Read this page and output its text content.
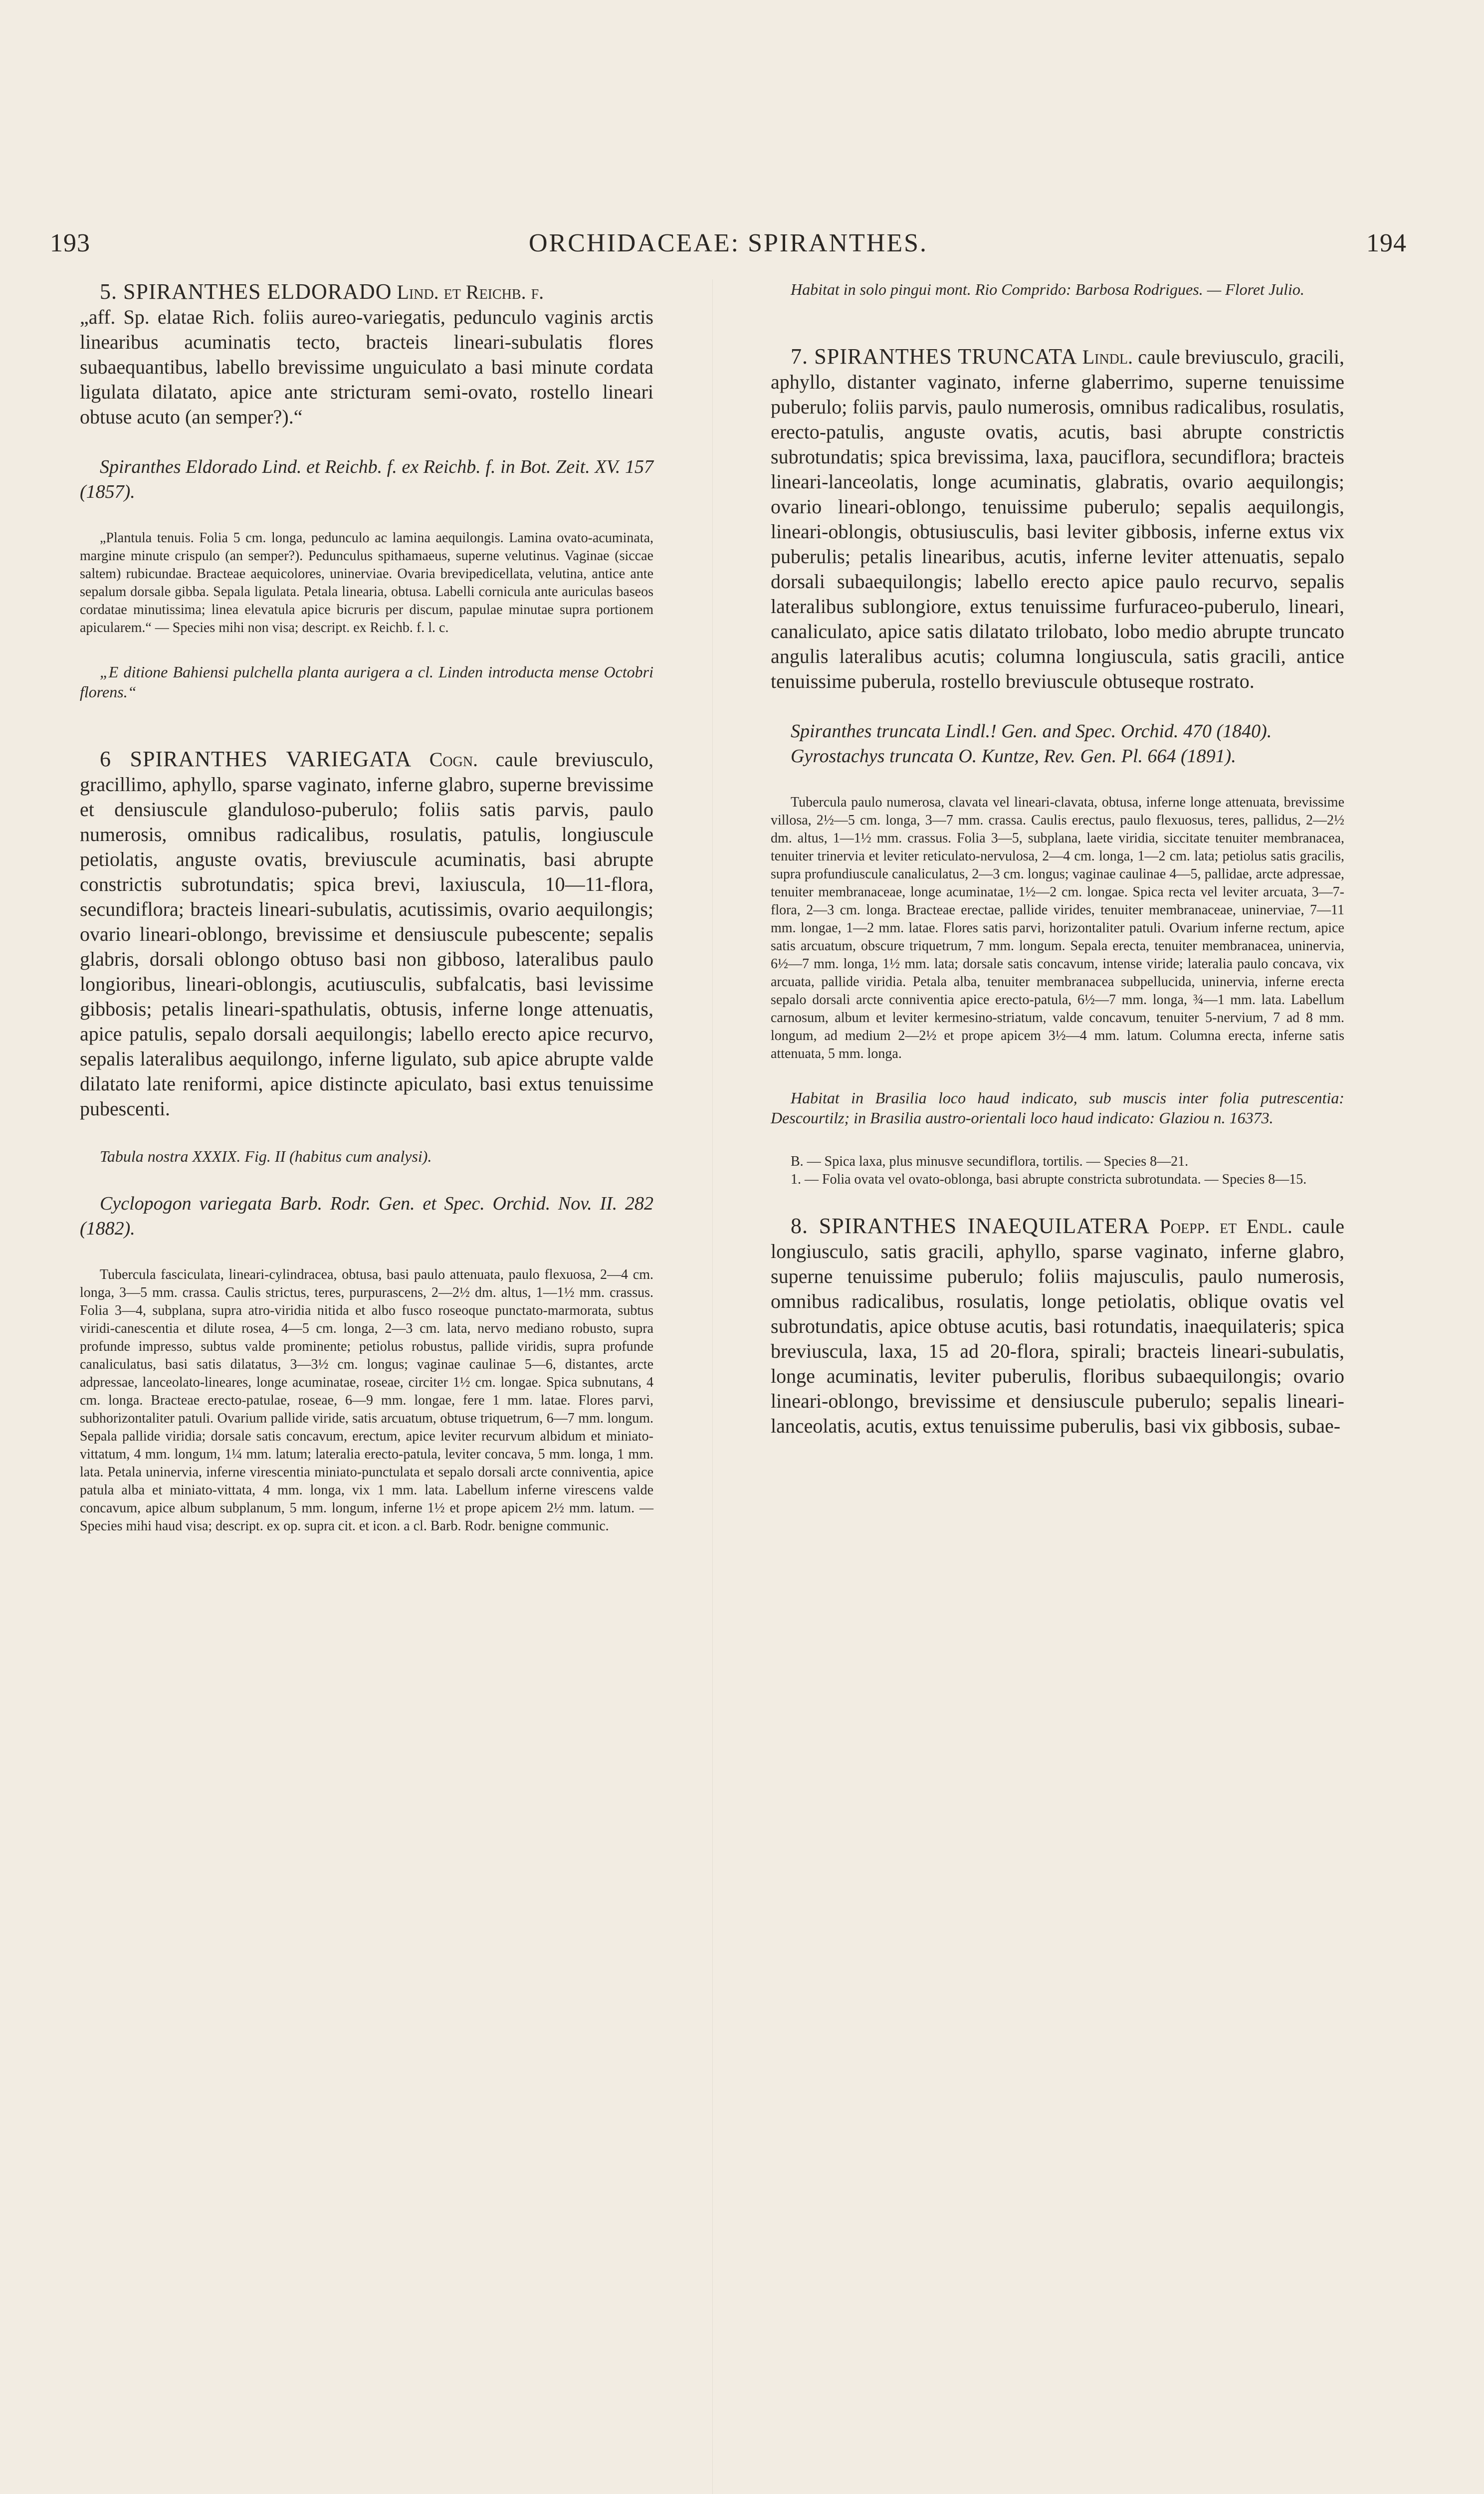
193	ORCHIDACEAE: SPIRANTHES.	194

5. SPIRANTHES ELDORADO Lind. et Reichb. f.

„aff. Sp. elatae Rich. foliis aureo-variegatis, pedunculo vaginis arctis linearibus acuminatis tecto, bracteis lineari-subulatis flores subaequantibus, labello brevissime unguiculato a basi minute cordata ligulata dilatato, apice ante stricturam semi-ovato, rostello lineari obtuse acuto (an semper?).“

Spiranthes Eldorado Lind. et Reichb. f. ex Reichb. f. in Bot. Zeit. XV. 157 (1857).

„Plantula tenuis. Folia 5 cm. longa, pedunculo ac lamina aequilongis. Lamina ovato-acuminata, margine minute crispulo (an semper?). Pedunculus spithamaeus, superne velutinus. Vaginae (siccae saltem) rubicundae. Bracteae aequicolores, uninerviae. Ovaria brevipedicellata, velutina, antice ante sepalum dorsale gibba. Sepala ligulata. Petala linearia, obtusa. Labelli cornicula ante auriculas baseos cordatae minutissima; linea elevatula apice bicruris per discum, papulae minutae supra portionem apicularem.“ — Species mihi non visa; descript. ex Reichb. f. l. c.

„E ditione Bahiensi pulchella planta aurigera a cl. Linden introducta mense Octobri florens.“

6 SPIRANTHES VARIEGATA Cogn. caule breviusculo, gracillimo, aphyllo, sparse vaginato, inferne glabro, superne brevissime et densiuscule glanduloso-puberulo; foliis satis parvis, paulo numerosis, omnibus radicalibus, rosulatis, patulis, longiuscule petiolatis, anguste ovatis, breviuscule acuminatis, basi abrupte constrictis subrotundatis; spica brevi, laxiuscula, 10—11-flora, secundiflora; bracteis lineari-subulatis, acutissimis, ovario aequilongis; ovario lineari-oblongo, brevissime et densiuscule pubescente; sepalis glabris, dorsali oblongo obtuso basi non gibboso, lateralibus paulo longioribus, lineari-oblongis, acutiusculis, subfalcatis, basi levissime gibbosis; petalis lineari-spathulatis, obtusis, inferne longe attenuatis, apice patulis, sepalo dorsali aequilongis; labello erecto apice recurvo, sepalis lateralibus aequilongo, inferne ligulato, sub apice abrupte valde dilatato late reniformi, apice distincte apiculato, basi extus tenuissime pubescenti.

Tabula nostra XXXIX. Fig. II (habitus cum analysi).

Cyclopogon variegata Barb. Rodr. Gen. et Spec. Orchid. Nov. II. 282 (1882).

Tubercula fasciculata, lineari-cylindracea, obtusa, basi paulo attenuata, paulo flexuosa, 2—4 cm. longa, 3—5 mm. crassa. Caulis strictus, teres, purpurascens, 2—2½ dm. altus, 1—1½ mm. crassus. Folia 3—4, subplana, supra atro-viridia nitida et albo fusco roseoque punctato-marmorata, subtus viridi-canescentia et dilute rosea, 4—5 cm. longa, 2—3 cm. lata, nervo mediano robusto, supra profunde impresso, subtus valde prominente; petiolus robustus, pallide viridis, supra profunde canaliculatus, basi satis dilatatus, 3—3½ cm. longus; vaginae caulinae 5—6, distantes, arcte adpressae, lanceolato-lineares, longe acuminatae, roseae, circiter 1½ cm. longae. Spica subnutans, 4 cm. longa. Bracteae erecto-patulae, roseae, 6—9 mm. longae, fere 1 mm. latae. Flores parvi, subhorizontaliter patuli. Ovarium pallide viride, satis arcuatum, obtuse triquetrum, 6—7 mm. longum. Sepala pallide viridia; dorsale satis concavum, erectum, apice leviter recurvum albidum et miniato-vittatum, 4 mm. longum, 1¼ mm. latum; lateralia erecto-patula, leviter concava, 5 mm. longa, 1 mm. lata. Petala uninervia, inferne virescentia miniato-punctulata et sepalo dorsali arcte conniventia, apice patula alba et miniato-vittata, 4 mm. longa, vix 1 mm. lata. Labellum inferne virescens valde concavum, apice album subplanum, 5 mm. longum, inferne 1½ et prope apicem 2½ mm. latum. — Species mihi haud visa; descript. ex op. supra cit. et icon. a cl. Barb. Rodr. benigne communic.

Habitat in solo pingui mont. Rio Comprido: Barbosa Rodrigues. — Floret Julio.

7. SPIRANTHES TRUNCATA Lindl. caule breviusculo, gracili, aphyllo, distanter vaginato, inferne glaberrimo, superne tenuissime puberulo; foliis parvis, paulo numerosis, omnibus radicalibus, rosulatis, erecto-patulis, anguste ovatis, acutis, basi abrupte constrictis subrotundatis; spica brevissima, laxa, pauciflora, secundiflora; bracteis lineari-lanceolatis, longe acuminatis, glabratis, ovario aequilongis; ovario lineari-oblongo, tenuissime puberulo; sepalis aequilongis, lineari-oblongis, obtusiusculis, basi leviter gibbosis, inferne extus vix puberulis; petalis linearibus, acutis, inferne leviter attenuatis, sepalo dorsali subaequilongis; labello erecto apice paulo recurvo, sepalis lateralibus sublongiore, extus tenuissime furfuraceo-puberulo, lineari, canaliculato, apice satis dilatato trilobato, lobo medio abrupte truncato angulis lateralibus acutis; columna longiuscula, satis gracili, antice tenuissime puberula, rostello breviuscule obtuseque rostrato.

Spiranthes truncata Lindl.! Gen. and Spec. Orchid. 470 (1840).

Gyrostachys truncata O. Kuntze, Rev. Gen. Pl. 664 (1891).

Tubercula paulo numerosa, clavata vel lineari-clavata, obtusa, inferne longe attenuata, brevissime villosa, 2½—5 cm. longa, 3—7 mm. crassa. Caulis erectus, paulo flexuosus, teres, pallidus, 2—2½ dm. altus, 1—1½ mm. crassus. Folia 3—5, subplana, laete viridia, siccitate tenuiter membranacea, tenuiter trinervia et leviter reticulato-nervulosa, 2—4 cm. longa, 1—2 cm. lata; petiolus satis gracilis, supra profundiuscule canaliculatus, 2—3 cm. longus; vaginae caulinae 4—5, pallidae, arcte adpressae, tenuiter membranaceae, longe acuminatae, 1½—2 cm. longae. Spica recta vel leviter arcuata, 3—7-flora, 2—3 cm. longa. Bracteae erectae, pallide virides, tenuiter membranaceae, uninerviae, 7—11 mm. longae, 1—2 mm. latae. Flores satis parvi, horizontaliter patuli. Ovarium inferne rectum, apice satis arcuatum, obscure triquetrum, 7 mm. longum. Sepala erecta, tenuiter membranacea, uninervia, 6½—7 mm. longa, 1½ mm. lata; dorsale satis concavum, intense viride; lateralia paulo concava, vix arcuata, pallide viridia. Petala alba, tenuiter membranacea subpellucida, uninervia, inferne erecta sepalo dorsali arcte conniventia apice erecto-patula, 6½—7 mm. longa, ¾—1 mm. lata. Labellum carnosum, album et leviter kermesino-striatum, valde concavum, tenuiter 5-nervium, 7 ad 8 mm. longum, ad medium 2—2½ et prope apicem 3½—4 mm. latum. Columna erecta, inferne satis attenuata, 5 mm. longa.

Habitat in Brasilia loco haud indicato, sub muscis inter folia putrescentia: Descourtilz; in Brasilia austro-orientali loco haud indicato: Glaziou n. 16373.

B. — Spica laxa, plus minusve secundiflora, tortilis. — Species 8—21.

1. — Folia ovata vel ovato-oblonga, basi abrupte constricta subrotundata. — Species 8—15.

8. SPIRANTHES INAEQUILATERA Poepp. et Endl. caule longiusculo, satis gracili, aphyllo, sparse vaginato, inferne glabro, superne tenuissime puberulo; foliis majusculis, paulo numerosis, omnibus radicalibus, rosulatis, longe petiolatis, oblique ovatis vel subrotundatis, apice obtuse acutis, basi rotundatis, inaequilateris; spica breviuscula, laxa, 15 ad 20-flora, spirali; bracteis lineari-subulatis, longe acuminatis, leviter puberulis, floribus subaequilongis; ovario lineari-oblongo, brevissime et densiuscule puberulo; sepalis lineari-lanceolatis, acutis, extus tenuissime puberulis, basi vix gibbosis, subae-
